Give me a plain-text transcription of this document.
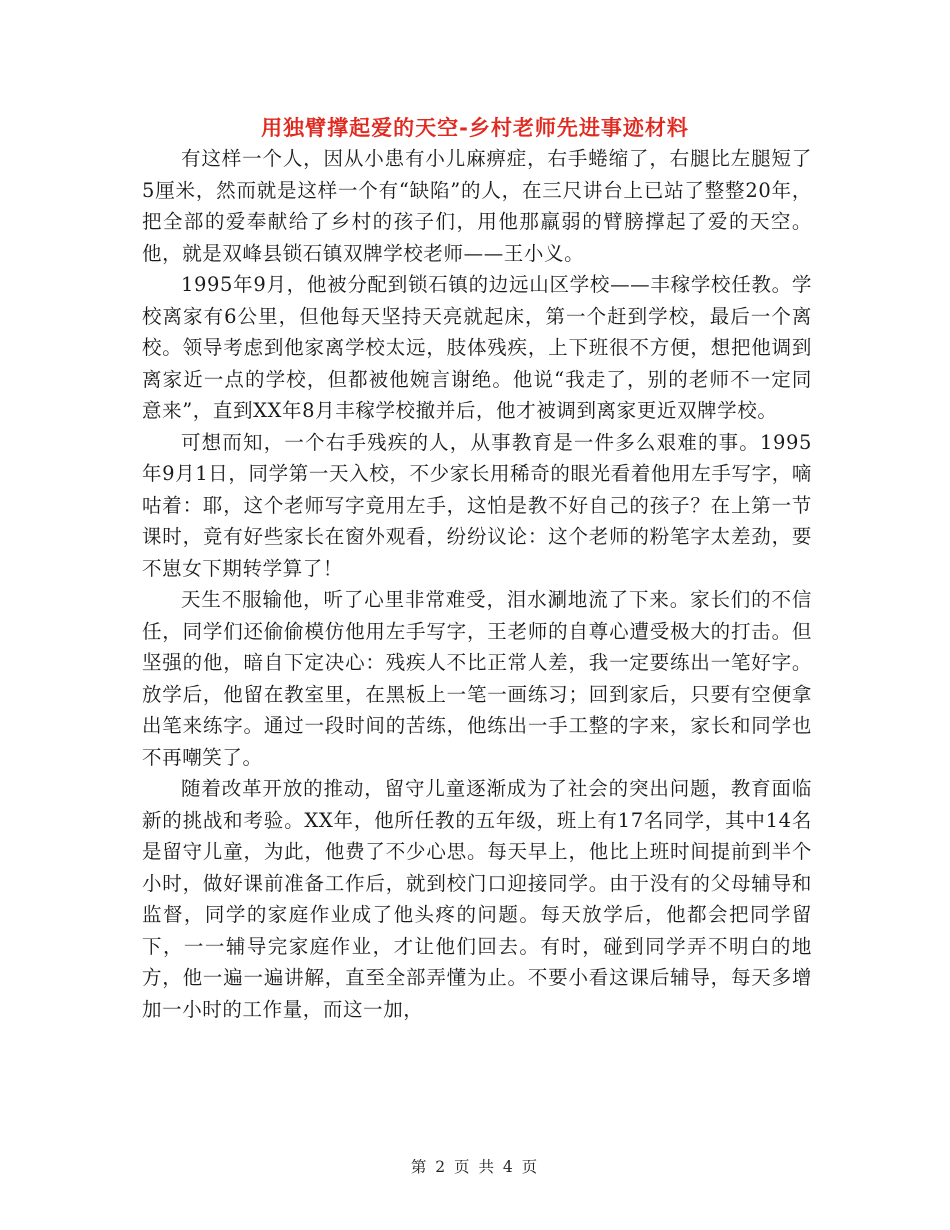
用独臂撑起爱的天空-乡村老师先进事迹材料

有这样一个人，因从小患有小儿麻痹症，右手蜷缩了，右腿比左腿短了5厘米，然而就是这样一个有“缺陷”的人，在三尺讲台上已站了整整20年，把全部的爱奉献给了乡村的孩子们，用他那羸弱的臂膀撑起了爱的天空。他，就是双峰县锁石镇双牌学校老师——王小义。

1995年9月，他被分配到锁石镇的边远山区学校——丰稼学校任教。学校离家有6公里，但他每天坚持天亮就起床，第一个赶到学校，最后一个离校。领导考虑到他家离学校太远，肢体残疾，上下班很不方便，想把他调到离家近一点的学校，但都被他婉言谢绝。他说“我走了，别的老师不一定同意来”，直到XX年8月丰稼学校撤并后，他才被调到离家更近双牌学校。

可想而知，一个右手残疾的人，从事教育是一件多么艰难的事。1995年9月1日，同学第一天入校，不少家长用稀奇的眼光看着他用左手写字，嘀咕着：耶，这个老师写字竟用左手，这怕是教不好自己的孩子？在上第一节课时，竟有好些家长在窗外观看，纷纷议论：这个老师的粉笔字太差劲，要不崽女下期转学算了！

天生不服输他，听了心里非常难受，泪水涮地流了下来。家长们的不信任，同学们还偷偷模仿他用左手写字，王老师的自尊心遭受极大的打击。但坚强的他，暗自下定决心：残疾人不比正常人差，我一定要练出一笔好字。放学后，他留在教室里，在黑板上一笔一画练习；回到家后，只要有空便拿出笔来练字。通过一段时间的苦练，他练出一手工整的字来，家长和同学也不再嘲笑了。

随着改革开放的推动，留守儿童逐渐成为了社会的突出问题，教育面临新的挑战和考验。XX年，他所任教的五年级，班上有17名同学，其中14名是留守儿童，为此，他费了不少心思。每天早上，他比上班时间提前到半个小时，做好课前准备工作后，就到校门口迎接同学。由于没有的父母辅导和监督，同学的家庭作业成了他头疼的问题。每天放学后，他都会把同学留下，一一辅导完家庭作业，才让他们回去。有时，碰到同学弄不明白的地方，他一遍一遍讲解，直至全部弄懂为止。不要小看这课后辅导，每天多增加一小时的工作量，而这一加，

第 2 页 共 4 页
